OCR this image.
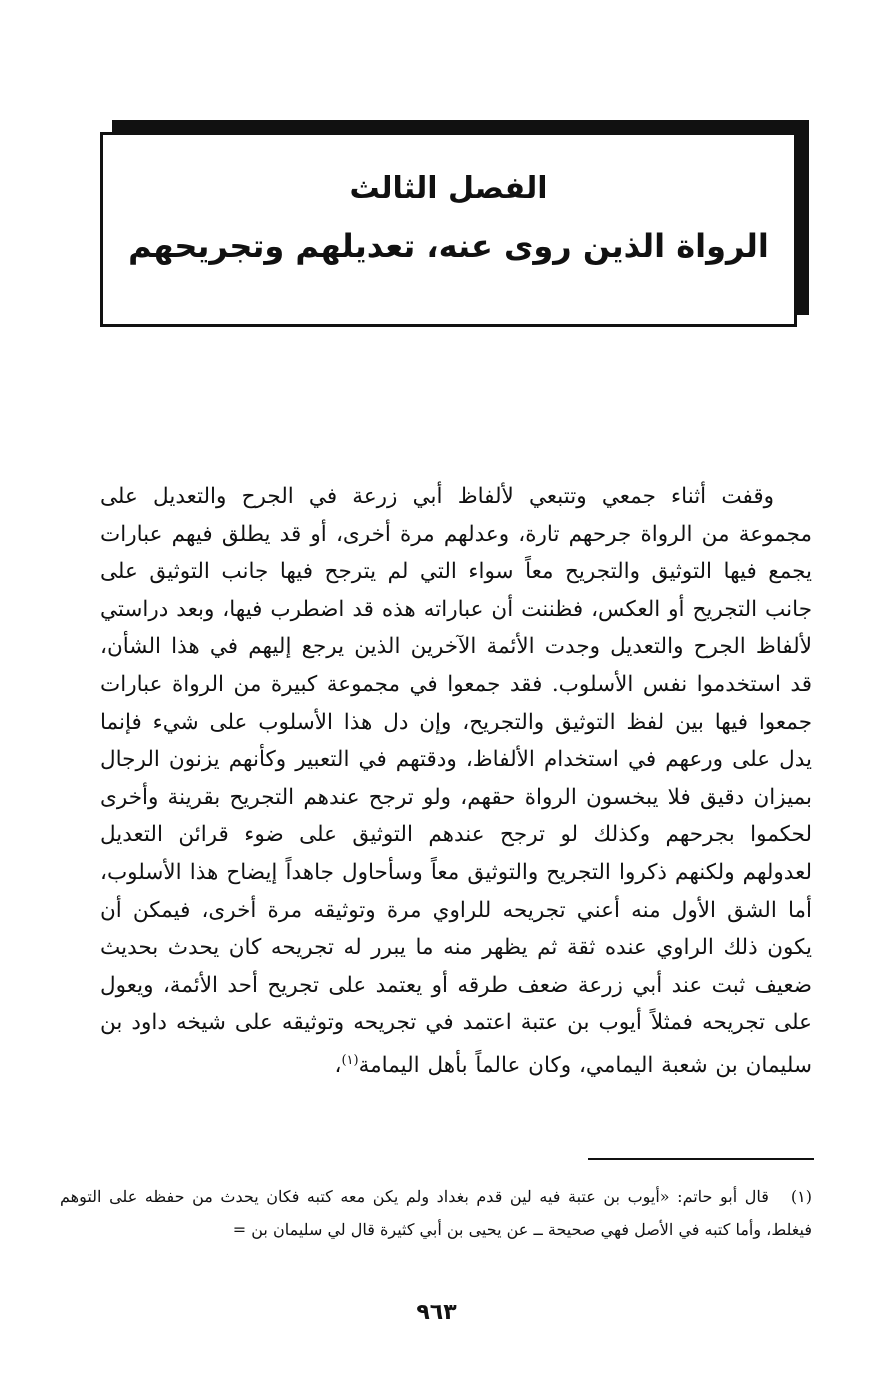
الفصل الثالث
الرواة الذين روى عنه، تعديلهم وتجريحهم

وقفت أثناء جمعي وتتبعي لألفاظ أبي زرعة في الجرح والتعديل على مجموعة من الرواة جرحهم تارة، وعدلهم مرة أخرى، أو قد يطلق فيهم عبارات يجمع فيها التوثيق والتجريح معاً سواء التي لم يترجح فيها جانب التوثيق على جانب التجريح أو العكس، فظننت أن عباراته هذه قد اضطرب فيها، وبعد دراستي لألفاظ الجرح والتعديل وجدت الأئمة الآخرين الذين يرجع إليهم في هذا الشأن، قد استخدموا نفس الأسلوب. فقد جمعوا في مجموعة كبيرة من الرواة عبارات جمعوا فيها بين لفظ التوثيق والتجريح، وإن دل هذا الأسلوب على شيء فإنما يدل على ورعهم في استخدام الألفاظ، ودقتهم في التعبير وكأنهم يزنون الرجال بميزان دقيق فلا يبخسون الرواة حقهم، ولو ترجح عندهم التجريح بقرينة وأخرى لحكموا بجرحهم وكذلك لو ترجح عندهم التوثيق على ضوء قرائن التعديل لعدولهم ولكنهم ذكروا التجريح والتوثيق معاً وسأحاول جاهداً إيضاح هذا الأسلوب، أما الشق الأول منه أعني تجريحه للراوي مرة وتوثيقه مرة أخرى، فيمكن أن يكون ذلك الراوي عنده ثقة ثم يظهر منه ما يبرر له تجريحه كان يحدث بحديث ضعيف ثبت عند أبي زرعة ضعف طرقه أو يعتمد على تجريح أحد الأئمة، ويعول على تجريحه فمثلاً أيوب بن عتبة اعتمد في تجريحه وتوثيقه على شيخه داود بن سليمان بن شعبة اليمامي، وكان عالماً بأهل اليمامة$^{(١)}$،

(١)قال أبو حاتم: «أيوب بن عتبة فيه لين قدم بغداد ولم يكن معه كتبه فكان يحدث من حفظه على التوهم فيغلط، وأما كتبه في الأصل فهي صحيحة ــ عن يحيى بن أبي كثيرة قال لي سليمان بن =

٩٦٣
